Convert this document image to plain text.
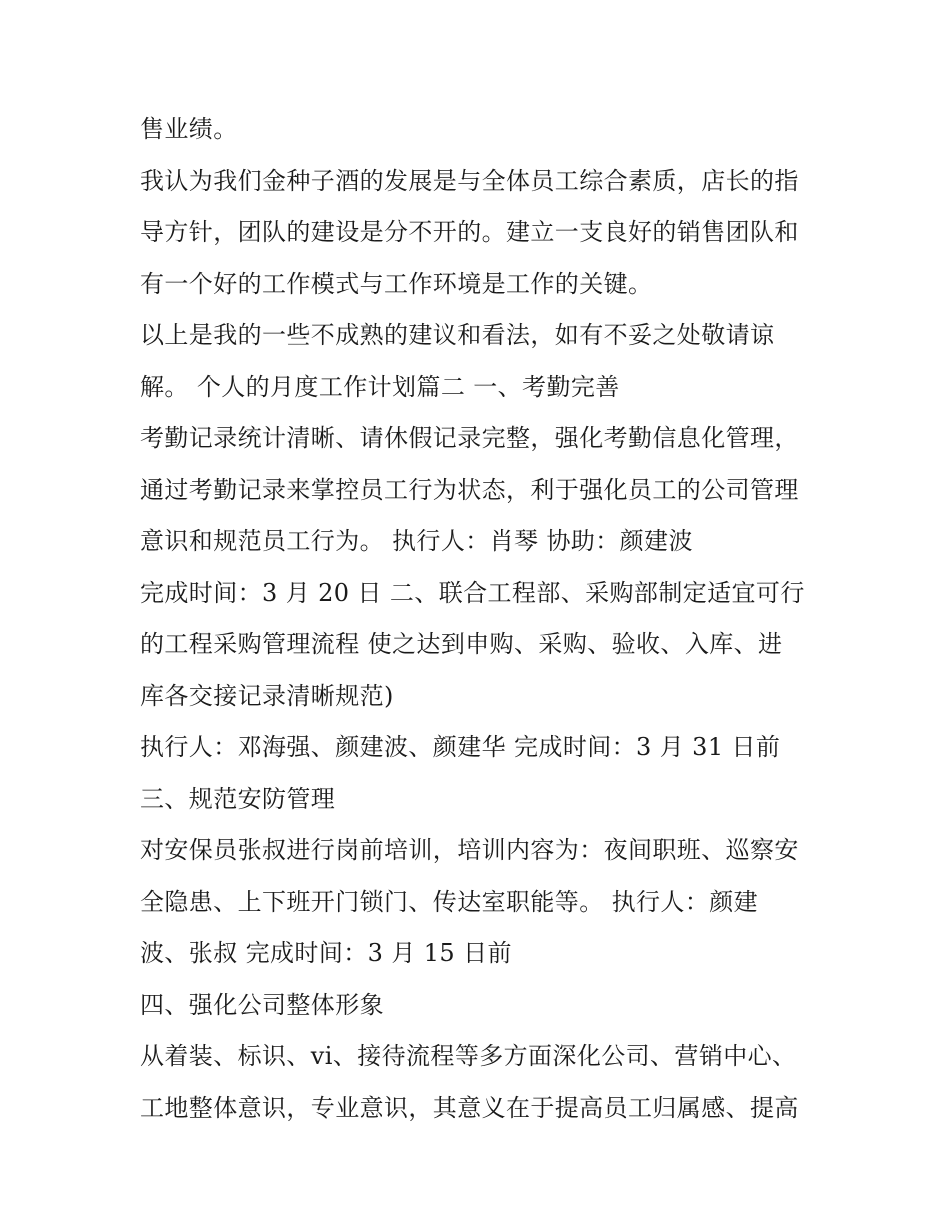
售业绩。
我认为我们金种子酒的发展是与全体员工综合素质，店长的指
导方针，团队的建设是分不开的。建立一支良好的销售团队和
有一个好的工作模式与工作环境是工作的关键。
以上是我的一些不成熟的建议和看法，如有不妥之处敬请谅
解。 个人的月度工作计划篇二 一、考勤完善
考勤记录统计清晰、请休假记录完整，强化考勤信息化管理，
通过考勤记录来掌控员工行为状态，利于强化员工的公司管理
意识和规范员工行为。 执行人：肖琴 协助：颜建波
完成时间：3 月 20 日 二、联合工程部、采购部制定适宜可行
的工程采购管理流程 使之达到申购、采购、验收、入库、进
库各交接记录清晰规范)
执行人：邓海强、颜建波、颜建华 完成时间：3 月 31 日前
三、规范安防管理
对安保员张叔进行岗前培训，培训内容为：夜间职班、巡察安
全隐患、上下班开门锁门、传达室职能等。 执行人：颜建
波、张叔 完成时间：3 月 15 日前
四、强化公司整体形象
从着装、标识、vi、接待流程等多方面深化公司、营销中心、
工地整体意识，专业意识，其意义在于提高员工归属感、提高
